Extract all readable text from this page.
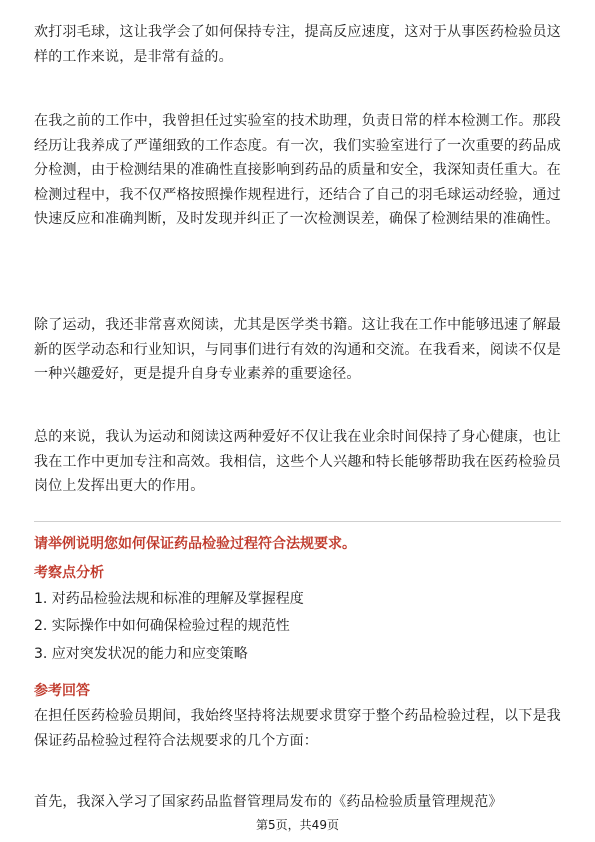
欢打羽毛球，这让我学会了如何保持专注，提高反应速度，这对于从事医药检验员这样的工作来说，是非常有益的。

在我之前的工作中，我曾担任过实验室的技术助理，负责日常的样本检测工作。那段经历让我养成了严谨细致的工作态度。有一次，我们实验室进行了一次重要的药品成分检测，由于检测结果的准确性直接影响到药品的质量和安全，我深知责任重大。在检测过程中，我不仅严格按照操作规程进行，还结合了自己的羽毛球运动经验，通过快速反应和准确判断，及时发现并纠正了一次检测误差，确保了检测结果的准确性。

除了运动，我还非常喜欢阅读，尤其是医学类书籍。这让我在工作中能够迅速了解最新的医学动态和行业知识，与同事们进行有效的沟通和交流。在我看来，阅读不仅是一种兴趣爱好，更是提升自身专业素养的重要途径。

总的来说，我认为运动和阅读这两种爱好不仅让我在业余时间保持了身心健康，也让我在工作中更加专注和高效。我相信，这些个人兴趣和特长能够帮助我在医药检验员岗位上发挥出更大的作用。

请举例说明您如何保证药品检验过程符合法规要求。
考察点分析
1. 对药品检验法规和标准的理解及掌握程度
2. 实际操作中如何确保检验过程的规范性
3. 应对突发状况的能力和应变策略
参考回答

在担任医药检验员期间，我始终坚持将法规要求贯穿于整个药品检验过程，以下是我保证药品检验过程符合法规要求的几个方面：

首先，我深入学习了国家药品监督管理局发布的《药品检验质量管理规范》

第5页，共49页
